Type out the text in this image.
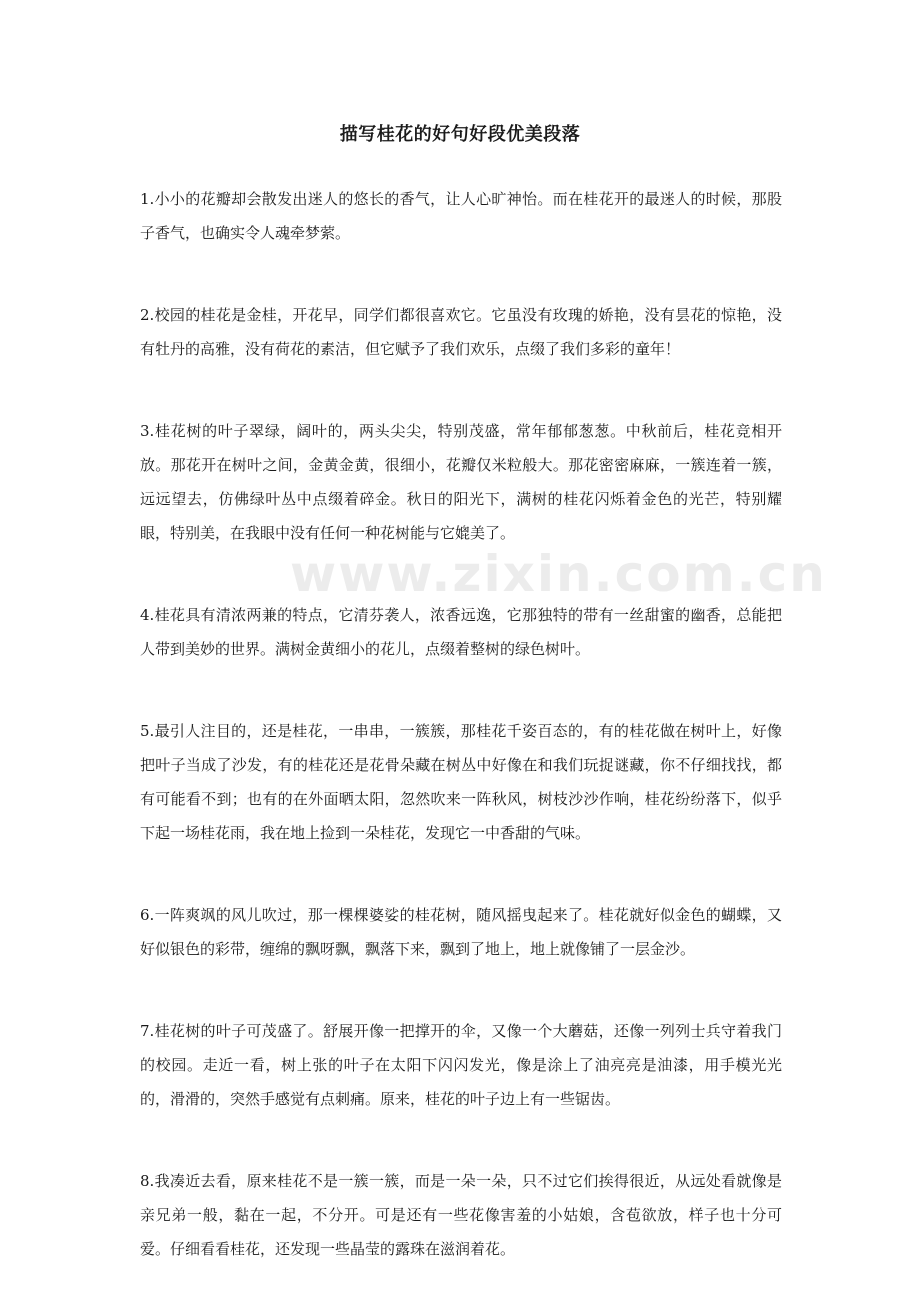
描写桂花的好句好段优美段落

1.小小的花瓣却会散发出迷人的悠长的香气，让人心旷神怡。而在桂花开的最迷人的时候，那股子香气，也确实令人魂牵梦萦。

2.校园的桂花是金桂，开花早，同学们都很喜欢它。它虽没有玫瑰的娇艳，没有昙花的惊艳，没有牡丹的高雅，没有荷花的素洁，但它赋予了我们欢乐，点缀了我们多彩的童年！

3.桂花树的叶子翠绿，阔叶的，两头尖尖，特别茂盛，常年郁郁葱葱。中秋前后，桂花竞相开放。那花开在树叶之间，金黄金黄，很细小，花瓣仅米粒般大。那花密密麻麻，一簇连着一簇，远远望去，仿佛绿叶丛中点缀着碎金。秋日的阳光下，满树的桂花闪烁着金色的光芒，特别耀眼，特别美，在我眼中没有任何一种花树能与它媲美了。

4.桂花具有清浓两兼的特点，它清芬袭人，浓香远逸，它那独特的带有一丝甜蜜的幽香，总能把人带到美妙的世界。满树金黄细小的花儿，点缀着整树的绿色树叶。

5.最引人注目的，还是桂花，一串串，一簇簇，那桂花千姿百态的，有的桂花做在树叶上，好像把叶子当成了沙发，有的桂花还是花骨朵藏在树丛中好像在和我们玩捉谜藏，你不仔细找找，都有可能看不到；也有的在外面晒太阳，忽然吹来一阵秋风，树枝沙沙作响，桂花纷纷落下，似乎下起一场桂花雨，我在地上捡到一朵桂花，发现它一中香甜的气味。

6.一阵爽飒的风儿吹过，那一棵棵婆娑的桂花树，随风摇曳起来了。桂花就好似金色的蝴蝶，又好似银色的彩带，缠绵的飘呀飘，飘落下来，飘到了地上，地上就像铺了一层金沙。

7.桂花树的叶子可茂盛了。舒展开像一把撑开的伞，又像一个大蘑菇，还像一列列士兵守着我门的校园。走近一看，树上张的叶子在太阳下闪闪发光，像是涂上了油亮亮是油漆，用手模光光的，滑滑的，突然手感觉有点刺痛。原来，桂花的叶子边上有一些锯齿。

8.我凑近去看，原来桂花不是一簇一簇，而是一朵一朵，只不过它们挨得很近，从远处看就像是亲兄弟一般，黏在一起，不分开。可是还有一些花像害羞的小姑娘，含苞欲放，样子也十分可爱。仔细看看桂花，还发现一些晶莹的露珠在滋润着花。

www.zixin.com.cn
